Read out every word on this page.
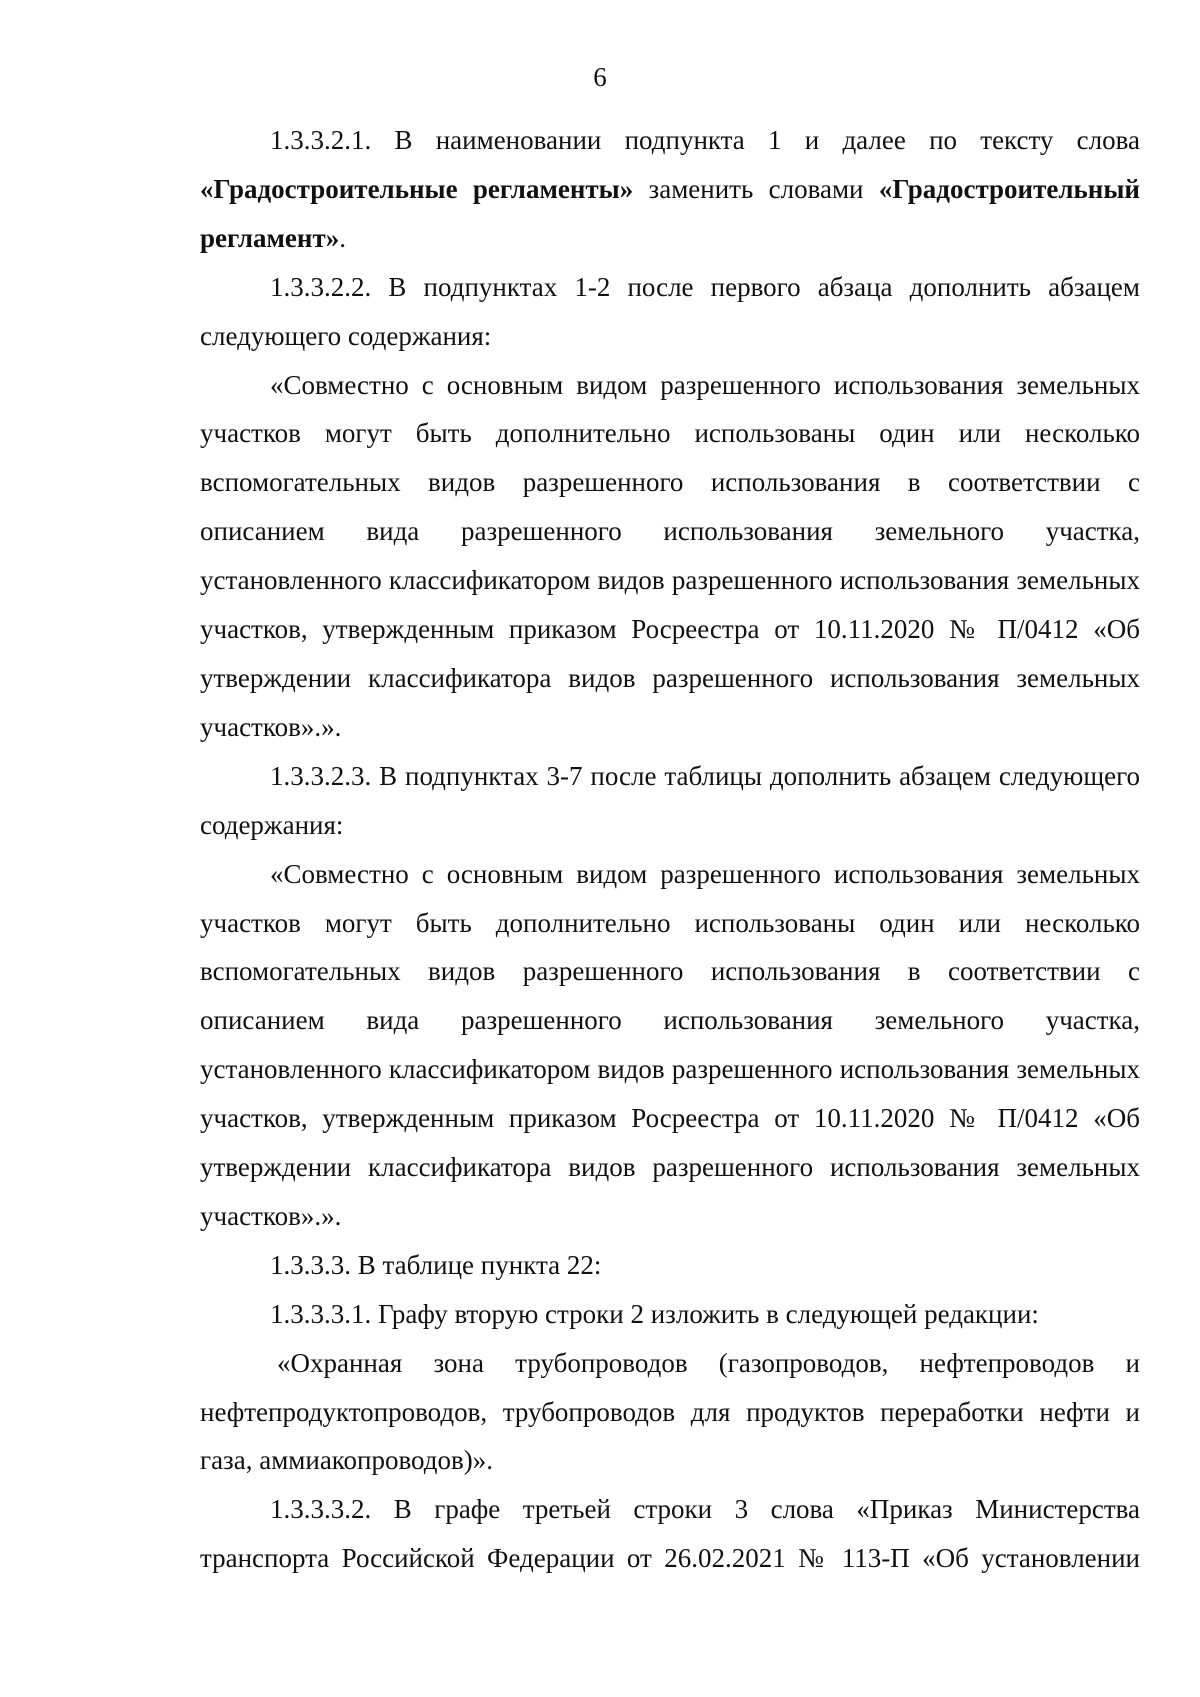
6

1.3.3.2.1. В наименовании подпункта 1 и далее по тексту слова «Градостроительные регламенты» заменить словами «Градостроительный регламент».

1.3.3.2.2. В подпунктах 1-2 после первого абзаца дополнить абзацем следующего содержания:

«Совместно с основным видом разрешенного использования земельных участков могут быть дополнительно использованы один или несколько вспомогательных видов разрешенного использования в соответствии с описанием вида разрешенного использования земельного участка, установленного классификатором видов разрешенного использования земельных участков, утвержденным приказом Росреестра от 10.11.2020 № П/0412 «Об утверждении классификатора видов разрешенного использования земельных участков».».

1.3.3.2.3. В подпунктах 3-7 после таблицы дополнить абзацем следующего содержания:

«Совместно с основным видом разрешенного использования земельных участков могут быть дополнительно использованы один или несколько вспомогательных видов разрешенного использования в соответствии с описанием вида разрешенного использования земельного участка, установленного классификатором видов разрешенного использования земельных участков, утвержденным приказом Росреестра от 10.11.2020 № П/0412 «Об утверждении классификатора видов разрешенного использования земельных участков».».

1.3.3.3. В таблице пункта 22:

1.3.3.3.1. Графу вторую строки 2 изложить в следующей редакции:

«Охранная зона трубопроводов (газопроводов, нефтепроводов и нефтепродуктопроводов, трубопроводов для продуктов переработки нефти и газа, аммиакопроводов)».

1.3.3.3.2. В графе третьей строки 3 слова «Приказ Министерства транспорта Российской Федерации от 26.02.2021 № 113-П «Об установлении
